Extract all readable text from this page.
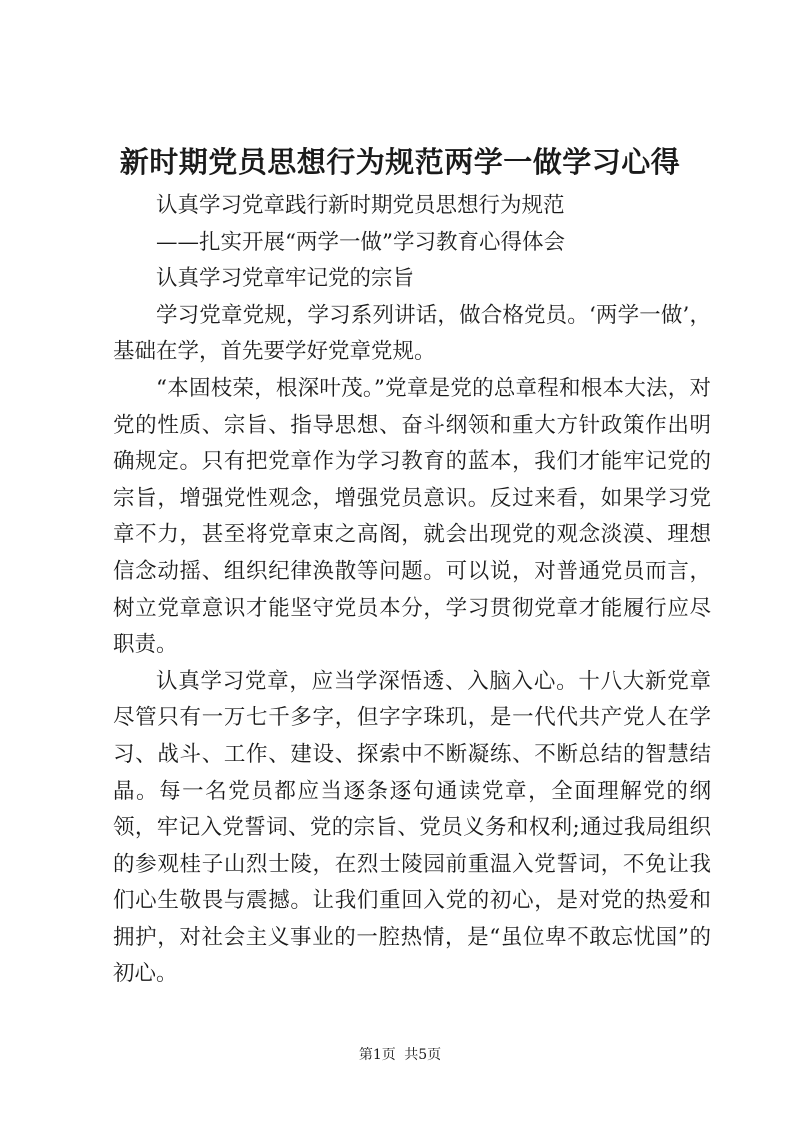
新时期党员思想行为规范两学一做学习心得

认真学习党章践行新时期党员思想行为规范

——扎实开展“两学一做”学习教育心得体会

认真学习党章牢记党的宗旨

学习党章党规，学习系列讲话，做合格党员。‘两学一做’，基础在学，首先要学好党章党规。

“本固枝荣，根深叶茂。”党章是党的总章程和根本大法，对党的性质、宗旨、指导思想、奋斗纲领和重大方针政策作出明确规定。只有把党章作为学习教育的蓝本，我们才能牢记党的宗旨，增强党性观念，增强党员意识。反过来看，如果学习党章不力，甚至将党章束之高阁，就会出现党的观念淡漠、理想信念动摇、组织纪律涣散等问题。可以说，对普通党员而言，树立党章意识才能坚守党员本分，学习贯彻党章才能履行应尽职责。

认真学习党章，应当学深悟透、入脑入心。十八大新党章尽管只有一万七千多字，但字字珠玑，是一代代共产党人在学习、战斗、工作、建设、探索中不断凝练、不断总结的智慧结晶。每一名党员都应当逐条逐句通读党章，全面理解党的纲领，牢记入党誓词、党的宗旨、党员义务和权利;通过我局组织的参观桂子山烈士陵，在烈士陵园前重温入党誓词，不免让我们心生敬畏与震撼。让我们重回入党的初心，是对党的热爱和拥护，对社会主义事业的一腔热情，是“虽位卑不敢忘忧国”的初心。

第1页 共5页
